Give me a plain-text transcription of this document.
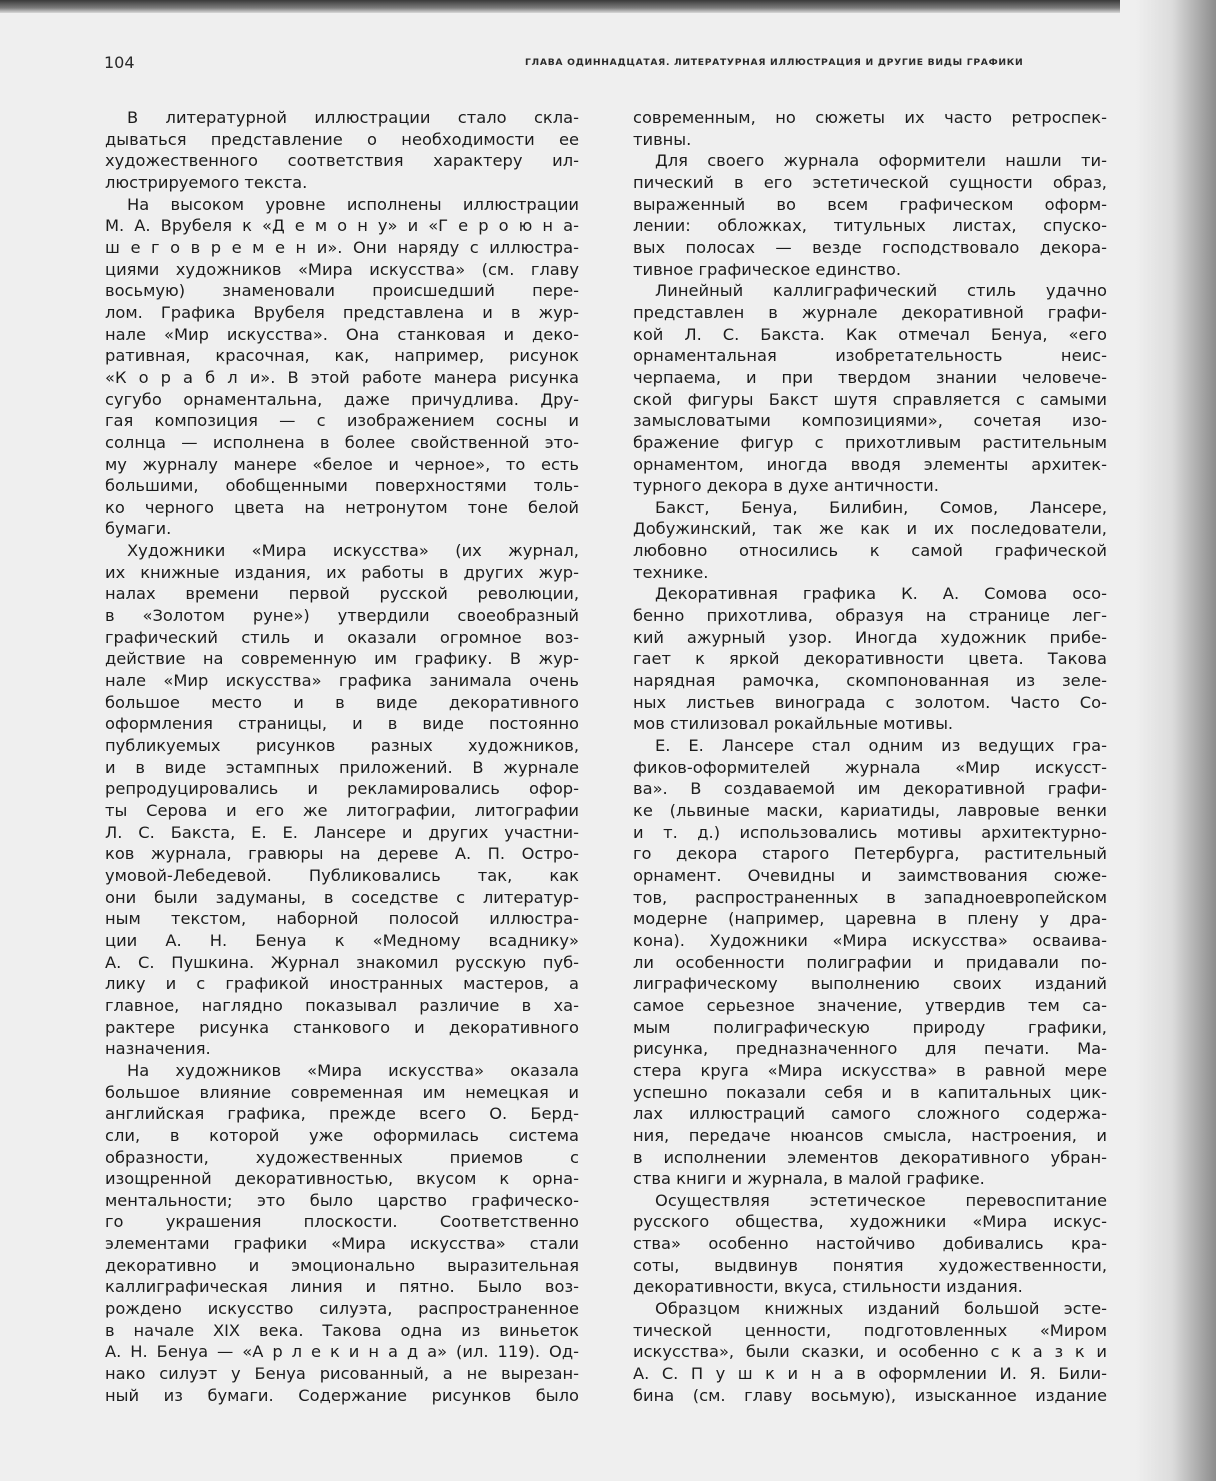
104	ГЛАВА ОДИННАДЦАТАЯ. ЛИТЕРАТУРНАЯ ИЛЛЮСТРАЦИЯ И ДРУГИЕ ВИДЫ ГРАФИКИ
В литературной иллюстрации стало скла-
дываться представление о необходимости ее
художественного соответствия характеру ил-
люстрируемого текста.
На высоком уровне исполнены иллюстрации
М. А. Врубеля к «Д е м о н у» и «Г е р о ю н а-
ш е г о в р е м е н и». Они наряду с иллюстра-
циями художников «Мира искусства» (см. главу
восьмую) знаменовали происшедший пере-
лом. Графика Врубеля представлена и в жур-
нале «Мир искусства». Она станковая и деко-
ративная, красочная, как, например, рисунок
«К о р а б л и». В этой работе манера рисунка
сугубо орнаментальна, даже причудлива. Дру-
гая композиция — с изображением сосны и
солнца — исполнена в более свойственной это-
му журналу манере «белое и черное», то есть
большими, обобщенными поверхностями толь-
ко черного цвета на нетронутом тоне белой
бумаги.
Художники «Мира искусства» (их журнал,
их книжные издания, их работы в других жур-
налах времени первой русской революции,
в «Золотом руне») утвердили своеобразный
графический стиль и оказали огромное воз-
действие на современную им графику. В жур-
нале «Мир искусства» графика занимала очень
большое место и в виде декоративного
оформления страницы, и в виде постоянно
публикуемых рисунков разных художников,
и в виде эстампных приложений. В журнале
репродуцировались и рекламировались офор-
ты Серова и его же литографии, литографии
Л. С. Бакста, Е. Е. Лансере и других участни-
ков журнала, гравюры на дереве А. П. Остро-
умовой-Лебедевой. Публиковались так, как
они были задуманы, в соседстве с литератур-
ным текстом, наборной полосой иллюстра-
ции А. Н. Бенуа к «Медному всаднику»
А. С. Пушкина. Журнал знакомил русскую пуб-
лику и с графикой иностранных мастеров, а
главное, наглядно показывал различие в ха-
рактере рисунка станкового и декоративного
назначения.
На художников «Мира искусства» оказала
большое влияние современная им немецкая и
английская графика, прежде всего О. Берд-
сли, в которой уже оформилась система
образности, художественных приемов с
изощренной декоративностью, вкусом к орна-
ментальности; это было царство графическо-
го украшения плоскости. Соответственно
элементами графики «Мира искусства» стали
декоративно и эмоционально выразительная
каллиграфическая линия и пятно. Было воз-
рождено искусство силуэта, распространенное
в начале XIX века. Такова одна из виньеток
А. Н. Бенуа — «А р л е к и н а д а» (ил. 119). Од-
нако силуэт у Бенуа рисованный, а не вырезан-
ный из бумаги. Содержание рисунков было
современным, но сюжеты их часто ретроспек-
тивны.
Для своего журнала оформители нашли ти-
пический в его эстетической сущности образ,
выраженный во всем графическом оформ-
лении: обложках, титульных листах, спуско-
вых полосах — везде господствовало декора-
тивное графическое единство.
Линейный каллиграфический стиль удачно
представлен в журнале декоративной графи-
кой Л. С. Бакста. Как отмечал Бенуа, «его
орнаментальная изобретательность неис-
черпаема, и при твердом знании человече-
ской фигуры Бакст шутя справляется с самыми
замысловатыми композициями», сочетая изо-
бражение фигур с прихотливым растительным
орнаментом, иногда вводя элементы архитек-
турного декора в духе античности.
Бакст, Бенуа, Билибин, Сомов, Лансере,
Добужинский, так же как и их последователи,
любовно относились к самой графической
технике.
Декоративная графика К. А. Сомова осо-
бенно прихотлива, образуя на странице лег-
кий ажурный узор. Иногда художник прибе-
гает к яркой декоративности цвета. Такова
нарядная рамочка, скомпонованная из зеле-
ных листьев винограда с золотом. Часто Со-
мов стилизовал рокайльные мотивы.
Е. Е. Лансере стал одним из ведущих гра-
фиков-оформителей журнала «Мир искусст-
ва». В создаваемой им декоративной графи-
ке (львиные маски, кариатиды, лавровые венки
и т. д.) использовались мотивы архитектурно-
го декора старого Петербурга, растительный
орнамент. Очевидны и заимствования сюже-
тов, распространенных в западноевропейском
модерне (например, царевна в плену у дра-
кона). Художники «Мира искусства» осваива-
ли особенности полиграфии и придавали по-
лиграфическому выполнению своих изданий
самое серьезное значение, утвердив тем са-
мым полиграфическую природу графики,
рисунка, предназначенного для печати. Ма-
стера круга «Мира искусства» в равной мере
успешно показали себя и в капитальных цик-
лах иллюстраций самого сложного содержа-
ния, передаче нюансов смысла, настроения, и
в исполнении элементов декоративного убран-
ства книги и журнала, в малой графике.
Осуществляя эстетическое перевоспитание
русского общества, художники «Мира искус-
ства» особенно настойчиво добивались кра-
соты, выдвинув понятия художественности,
декоративности, вкуса, стильности издания.
Образцом книжных изданий большой эсте-
тической ценности, подготовленных «Миром
искусства», были сказки, и особенно с к а з к и
А. С. П у ш к и н а в оформлении И. Я. Били-
бина (см. главу восьмую), изысканное издание
